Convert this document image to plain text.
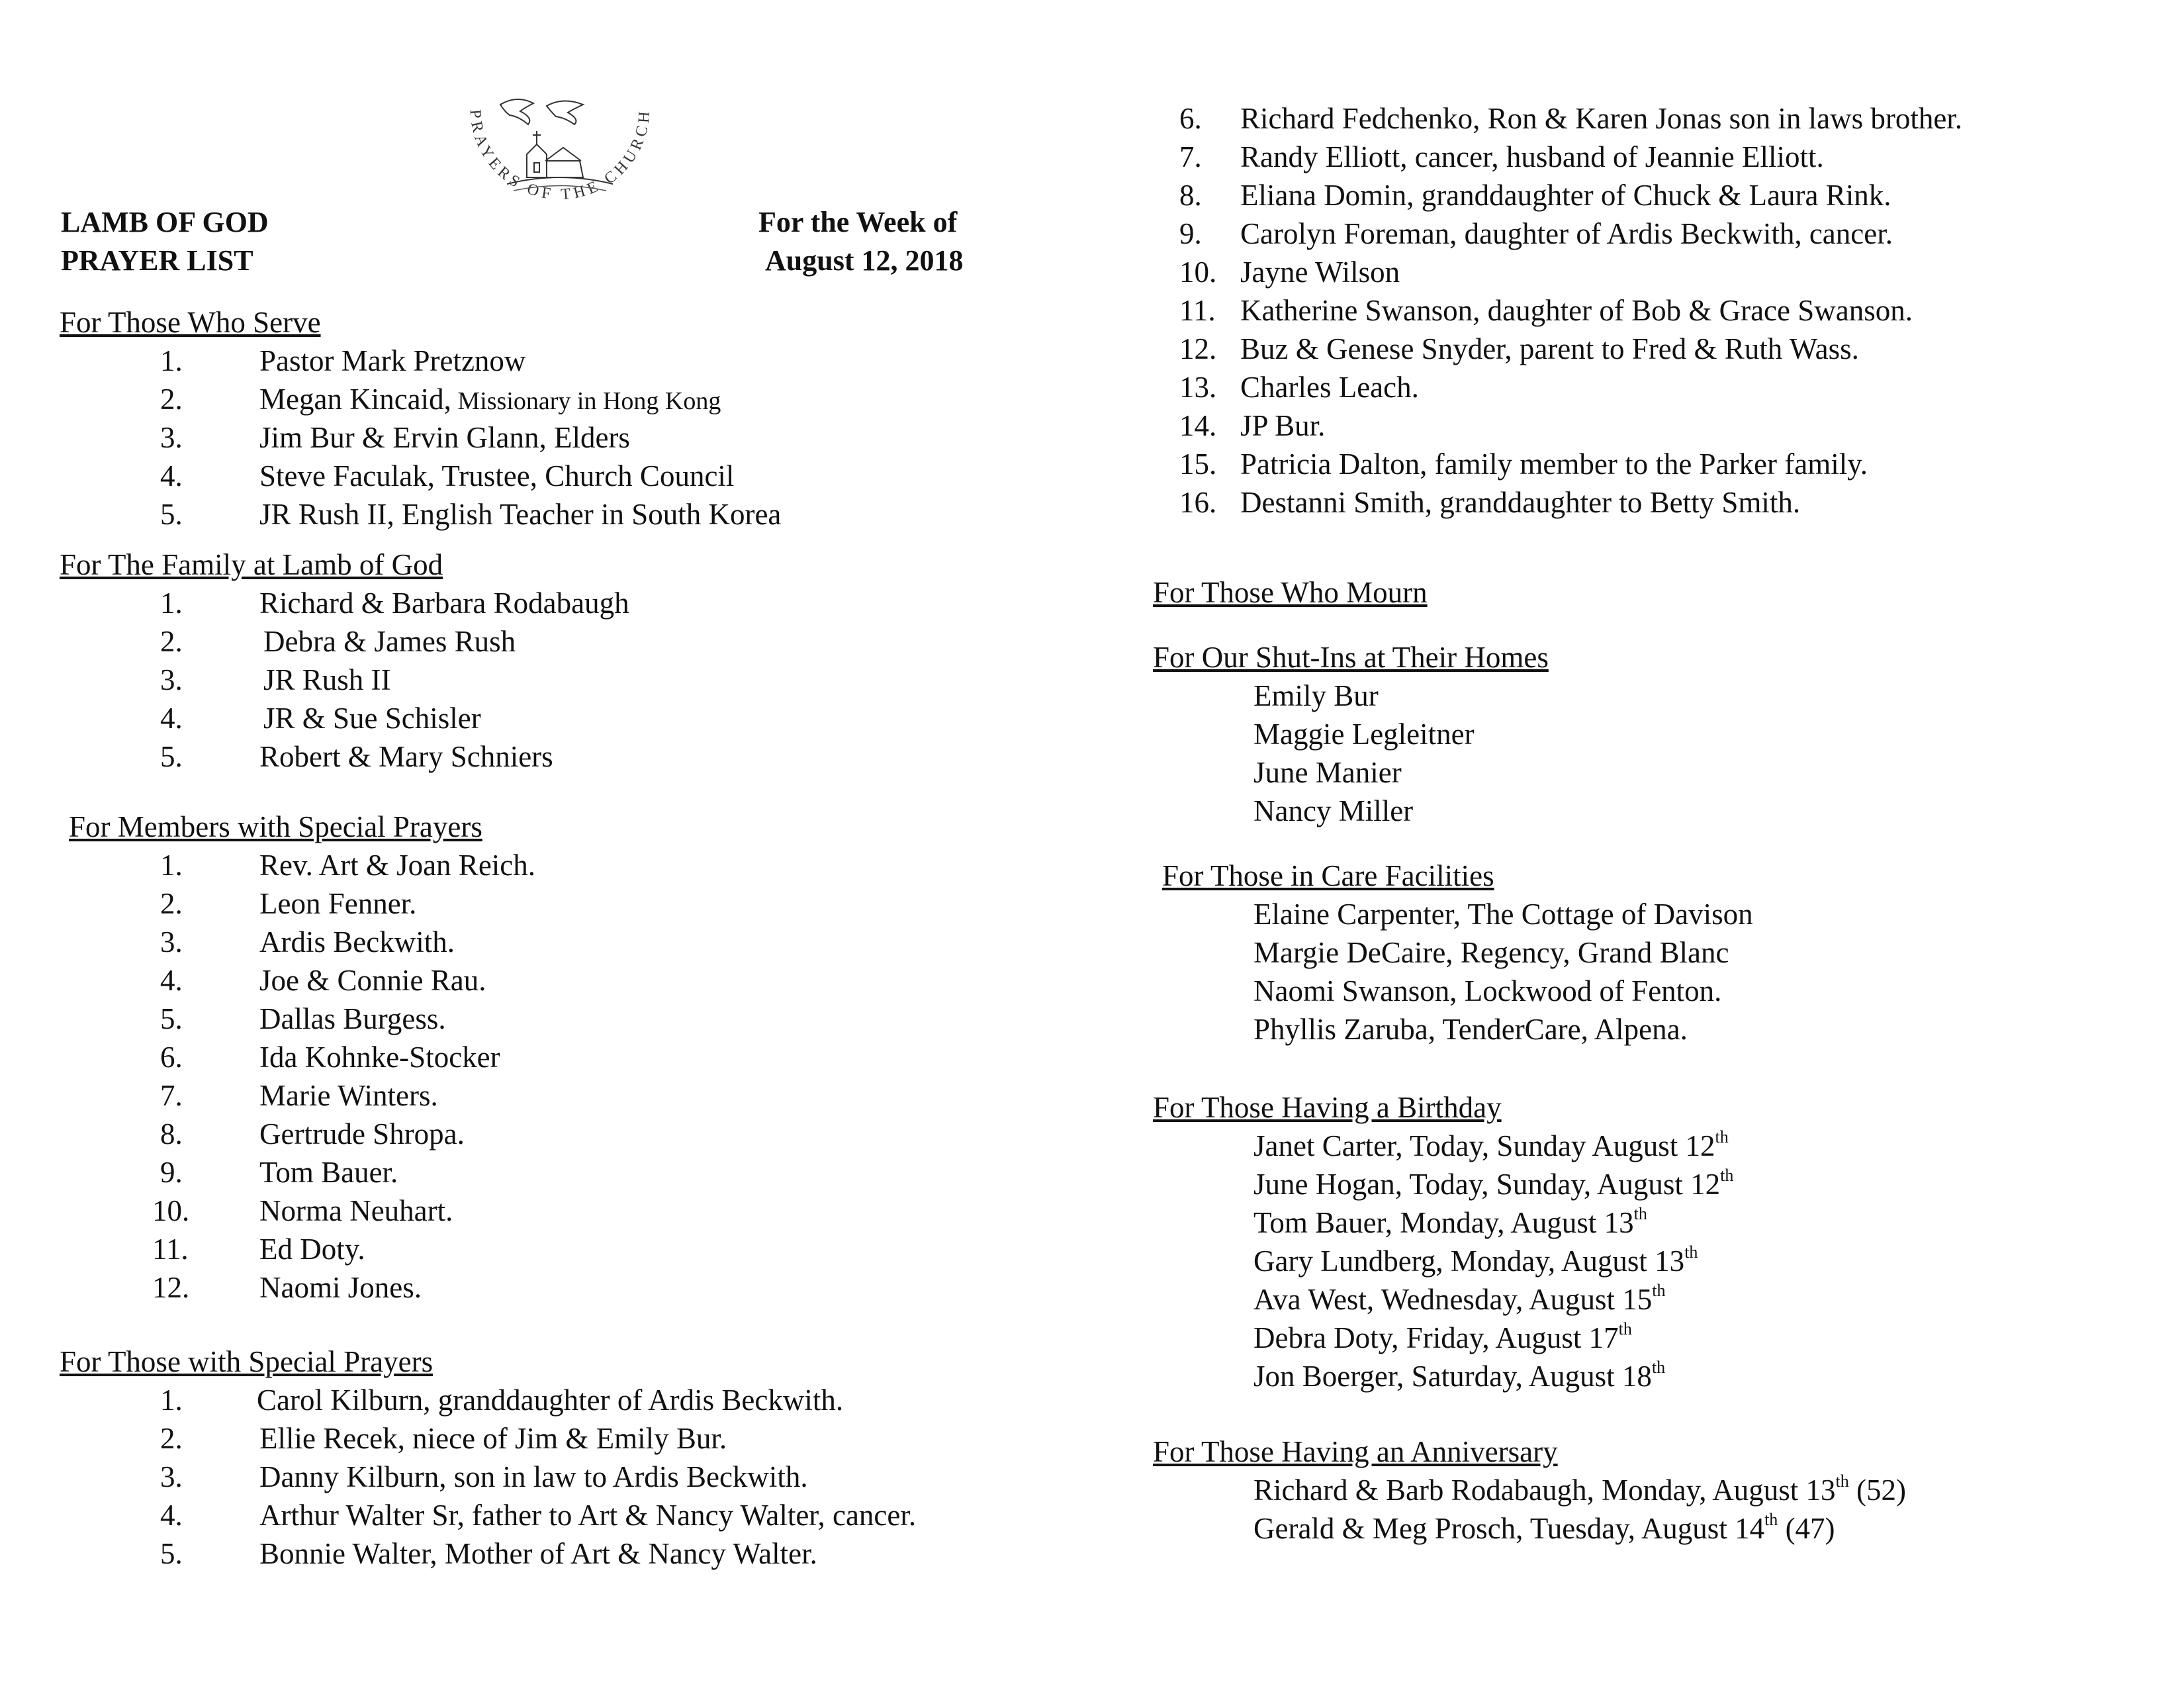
LAMB OF GOD
PRAYER LIST
For the Week of
August 12, 2018
PRAYERS OF THE CHURCH
For Those Who Serve
1.	Pastor Mark Pretznow
2.	Megan Kincaid, Missionary in Hong Kong
3.	Jim Bur & Ervin Glann, Elders
4.	Steve Faculak, Trustee, Church Council
5.	JR Rush II, English Teacher in South Korea
For The Family at Lamb of God
1.	Richard & Barbara Rodabaugh
2.	Debra & James Rush
3.	JR Rush II
4.	JR & Sue Schisler
5.	Robert & Mary Schniers
For Members with Special Prayers
1.	Rev. Art & Joan Reich.
2.	Leon Fenner.
3.	Ardis Beckwith.
4.	Joe & Connie Rau.
5.	Dallas Burgess.
6.	Ida Kohnke-Stocker
7.	Marie Winters.
8.	Gertrude Shropa.
9.	Tom Bauer.
10. Norma Neuhart.
11. Ed Doty.
12. Naomi Jones.
For Those with Special Prayers
1. Carol Kilburn, granddaughter of Ardis Beckwith.
2.	Ellie Recek, niece of Jim & Emily Bur.
3.	Danny Kilburn, son in law to Ardis Beckwith.
4.	Arthur Walter Sr, father to Art & Nancy Walter, cancer.
5.	Bonnie Walter, Mother of Art & Nancy Walter.
6. Richard Fedchenko, Ron & Karen Jonas son in laws brother.
7. Randy Elliott, cancer, husband of Jeannie Elliott.
8. Eliana Domin, granddaughter of Chuck & Laura Rink.
9. Carolyn Foreman, daughter of Ardis Beckwith, cancer.
10. Jayne Wilson
11. Katherine Swanson, daughter of Bob & Grace Swanson.
12. Buz & Genese Snyder, parent to Fred & Ruth Wass.
13. Charles Leach.
14. JP Bur.
15. Patricia Dalton, family member to the Parker family.
16. Destanni Smith, granddaughter to Betty Smith.
For Those Who Mourn
For Our Shut-Ins at Their Homes
Emily Bur
Maggie Legleitner
June Manier
Nancy Miller
For Those in Care Facilities
Elaine Carpenter, The Cottage of Davison
Margie DeCaire, Regency, Grand Blanc
Naomi Swanson, Lockwood of Fenton.
Phyllis Zaruba, TenderCare, Alpena.
For Those Having a Birthday
Janet Carter, Today, Sunday August 12th
June Hogan, Today, Sunday, August 12th
Tom Bauer, Monday, August 13th
Gary Lundberg, Monday, August 13th
Ava West, Wednesday, August 15th
Debra Doty, Friday, August 17th
Jon Boerger, Saturday, August 18th
For Those Having an Anniversary
Richard & Barb Rodabaugh, Monday, August 13th (52)
Gerald & Meg Prosch, Tuesday, August 14th (47)
